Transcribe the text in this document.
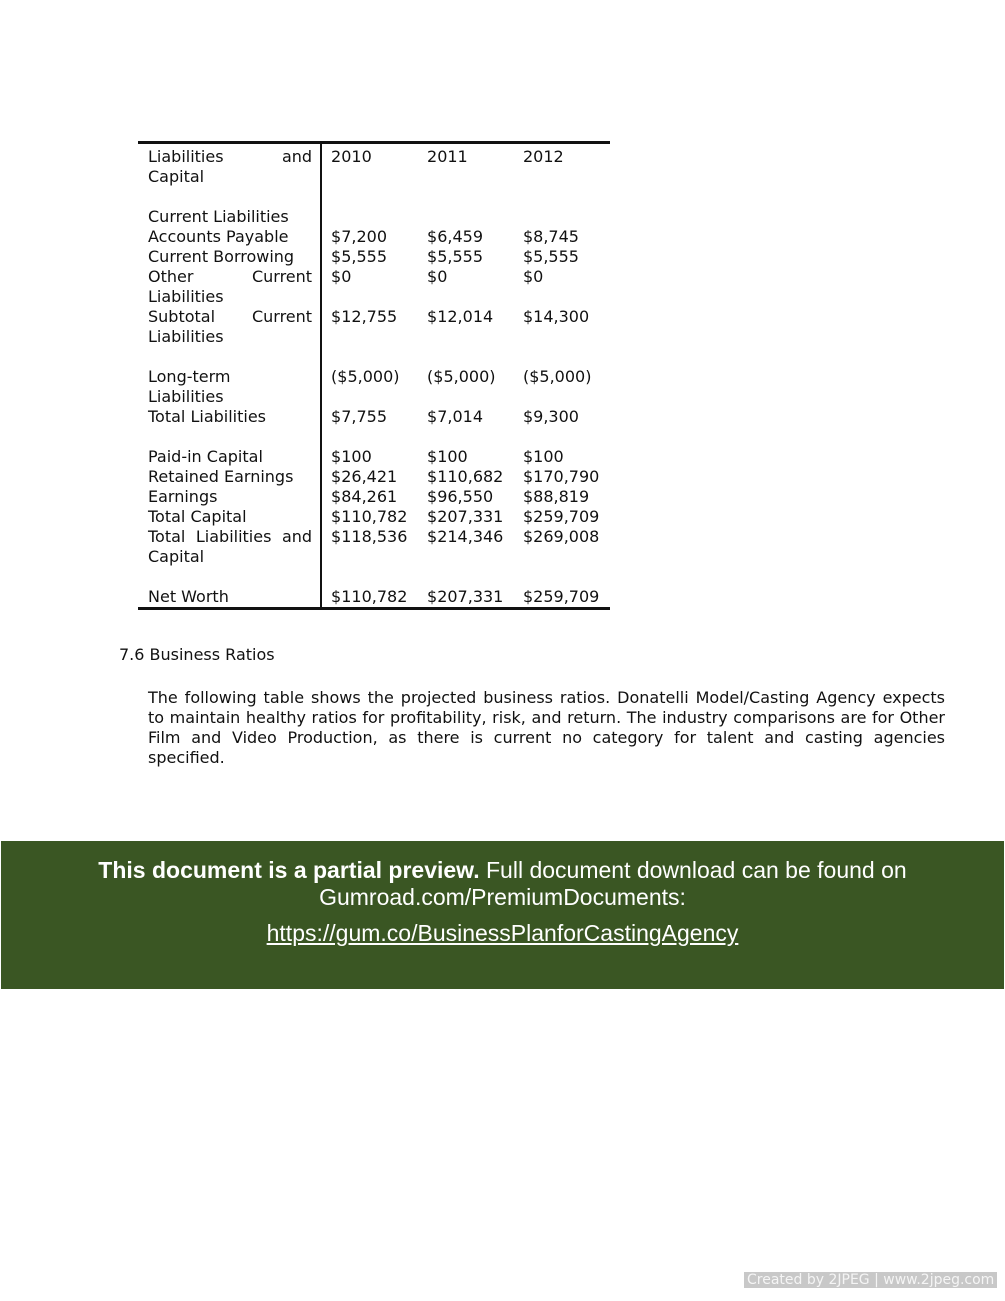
Liabilities and Capital	2010	2011	2012

Current Liabilities			
Accounts Payable	$7,200	$6,459	$8,745
Current Borrowing	$5,555	$5,555	$5,555
Other Current Liabilities	$0	$0	$0
Subtotal Current Liabilities	$12,755	$12,014	$14,300

Long-term
Liabilities	($5,000)	($5,000)	($5,000)
Total Liabilities	$7,755	$7,014	$9,300

Paid-in Capital	$100	$100	$100
Retained Earnings	$26,421	$110,682	$170,790
Earnings	$84,261	$96,550	$88,819
Total Capital	$110,782	$207,331	$259,709
Total Liabilities and Capital	$118,536	$214,346	$269,008

Net Worth	$110,782	$207,331	$259,709
7.6 Business Ratios

The following table shows the projected business ratios. Donatelli Model/Casting Agency expects to maintain healthy ratios for profitability, risk, and return. The industry comparisons are for Other Film and Video Production, as there is current no category for talent and casting agencies specified.

This document is a partial preview. Full document download can be found on
Gumroad.com/PremiumDocuments:
https://gum.co/BusinessPlanforCastingAgency
Created by 2JPEG | www.2jpeg.com
